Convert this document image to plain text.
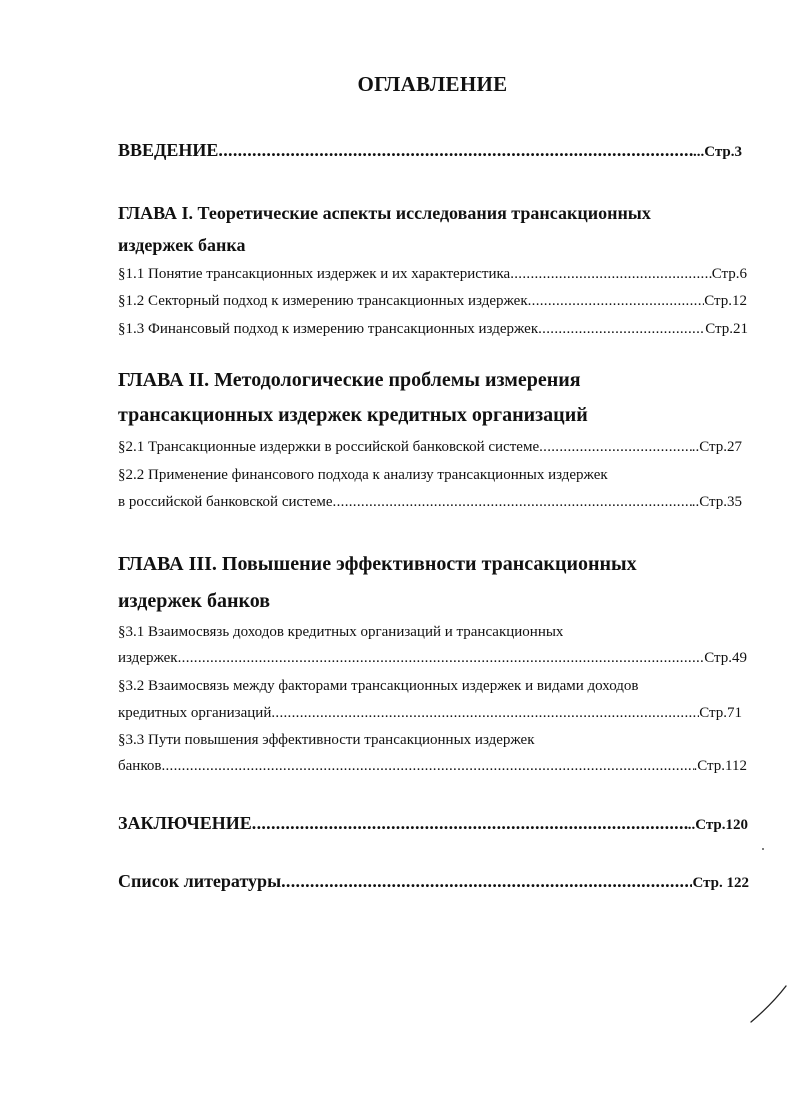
ОГЛАВЛЕНИЕ
ВВЕДЕНИЕ .....	...Стр.3
ГЛАВА I. Теоретические аспекты исследования трансакционных
издержек банка
§1.1 Понятие трансакционных издержек и их характеристика .....	Стр.6
§1.2 Секторный подход к измерению трансакционных издержек .....	Стр.12
§1.3 Финансовый подход к измерению трансакционных издержек .....	Стр.21
ГЛАВА II. Методологические проблемы измерения
трансакционных издержек кредитных организаций
§2.1 Трансакционные издержки в российской банковской системе .....	..Стр.27
§2.2 Применение финансового подхода к анализу трансакционных издержек
в российской банковской системе .....	..Стр.35
ГЛАВА III. Повышение эффективности трансакционных
издержек банков
§3.1 Взаимосвязь доходов кредитных организаций и трансакционных
издержек .....	Стр.49
§3.2 Взаимосвязь между факторами трансакционных издержек и видами доходов
кредитных организаций .....	Стр.71
§3.3 Пути повышения эффективности трансакционных издержек
банков .....	.Стр.112
ЗАКЛЮЧЕНИЕ .....	..Стр.120
Список литературы .....	Стр. 122
